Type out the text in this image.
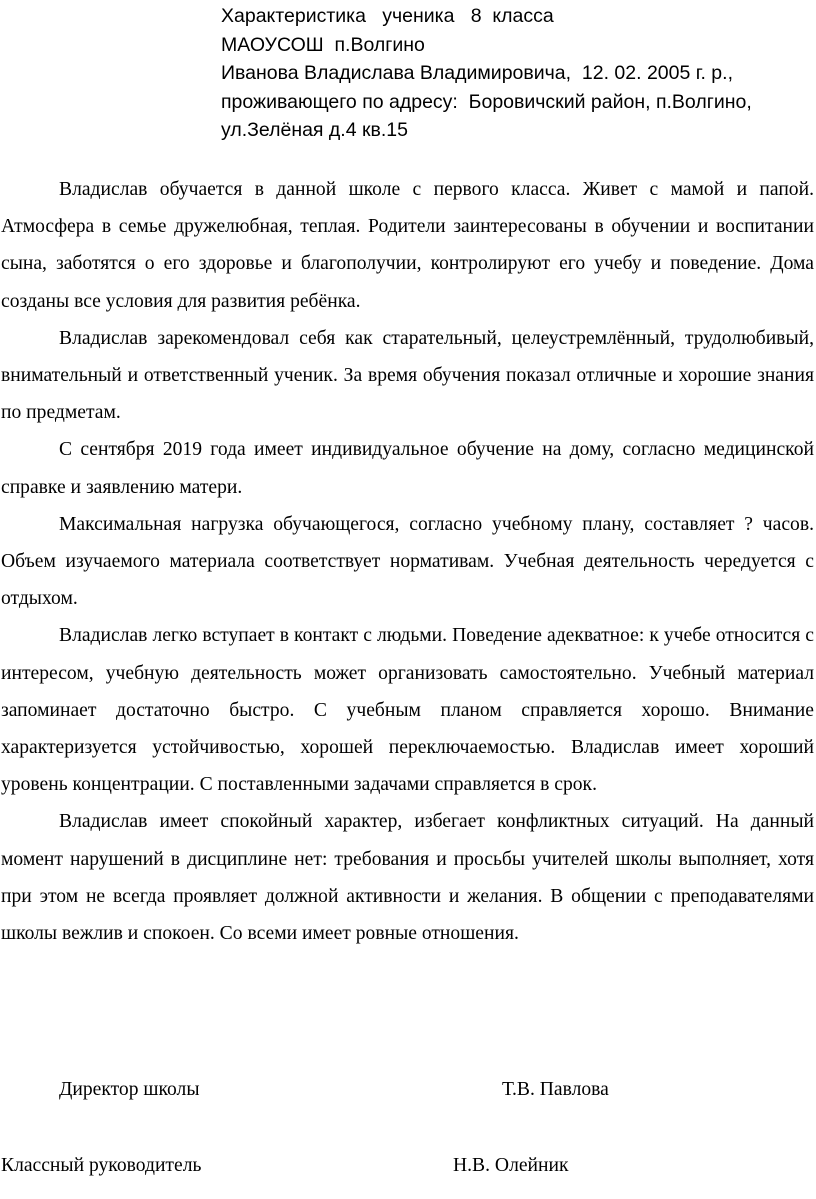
Характеристика   ученика   8  класса
МАОУСОШ  п.Волгино
Иванова Владислава Владимировича,  12. 02. 2005 г. р.,
проживающего по адресу:  Боровичский район, п.Волгино,
ул.Зелёная д.4 кв.15

Владислав обучается в данной школе с первого класса. Живет с мамой и папой. Атмосфера в семье дружелюбная, теплая. Родители заинтересованы в обучении и воспитании сына, заботятся о его здоровье и благополучии, контролируют его учебу и поведение. Дома созданы все условия для развития ребёнка.

Владислав зарекомендовал себя как старательный, целеустремлённый, трудолюбивый, внимательный и ответственный ученик. За время обучения показал отличные и хорошие знания по предметам.

С сентября 2019 года имеет индивидуальное обучение на дому, согласно медицинской справке и заявлению матери.

Максимальная нагрузка обучающегося, согласно учебному плану, составляет ? часов. Объем изучаемого материала соответствует нормативам. Учебная деятельность чередуется с отдыхом.

Владислав легко вступает в контакт с людьми. Поведение адекватное: к учебе относится с интересом, учебную деятельность может организовать самостоятельно. Учебный материал запоминает достаточно быстро. С учебным планом справляется хорошо. Внимание характеризуется устойчивостью, хорошей переключаемостью. Владислав имеет хороший уровень концентрации. С поставленными задачами справляется в срок.

Владислав имеет спокойный характер, избегает конфликтных ситуаций. На данный момент нарушений в дисциплине нет: требования и просьбы учителей школы выполняет, хотя при этом не всегда проявляет должной активности и желания. В общении с преподавателями школы вежлив и спокоен. Со всеми имеет ровные отношения.

Директор школы	Т.В. Павлова
Классный руководитель	Н.В. Олейник
